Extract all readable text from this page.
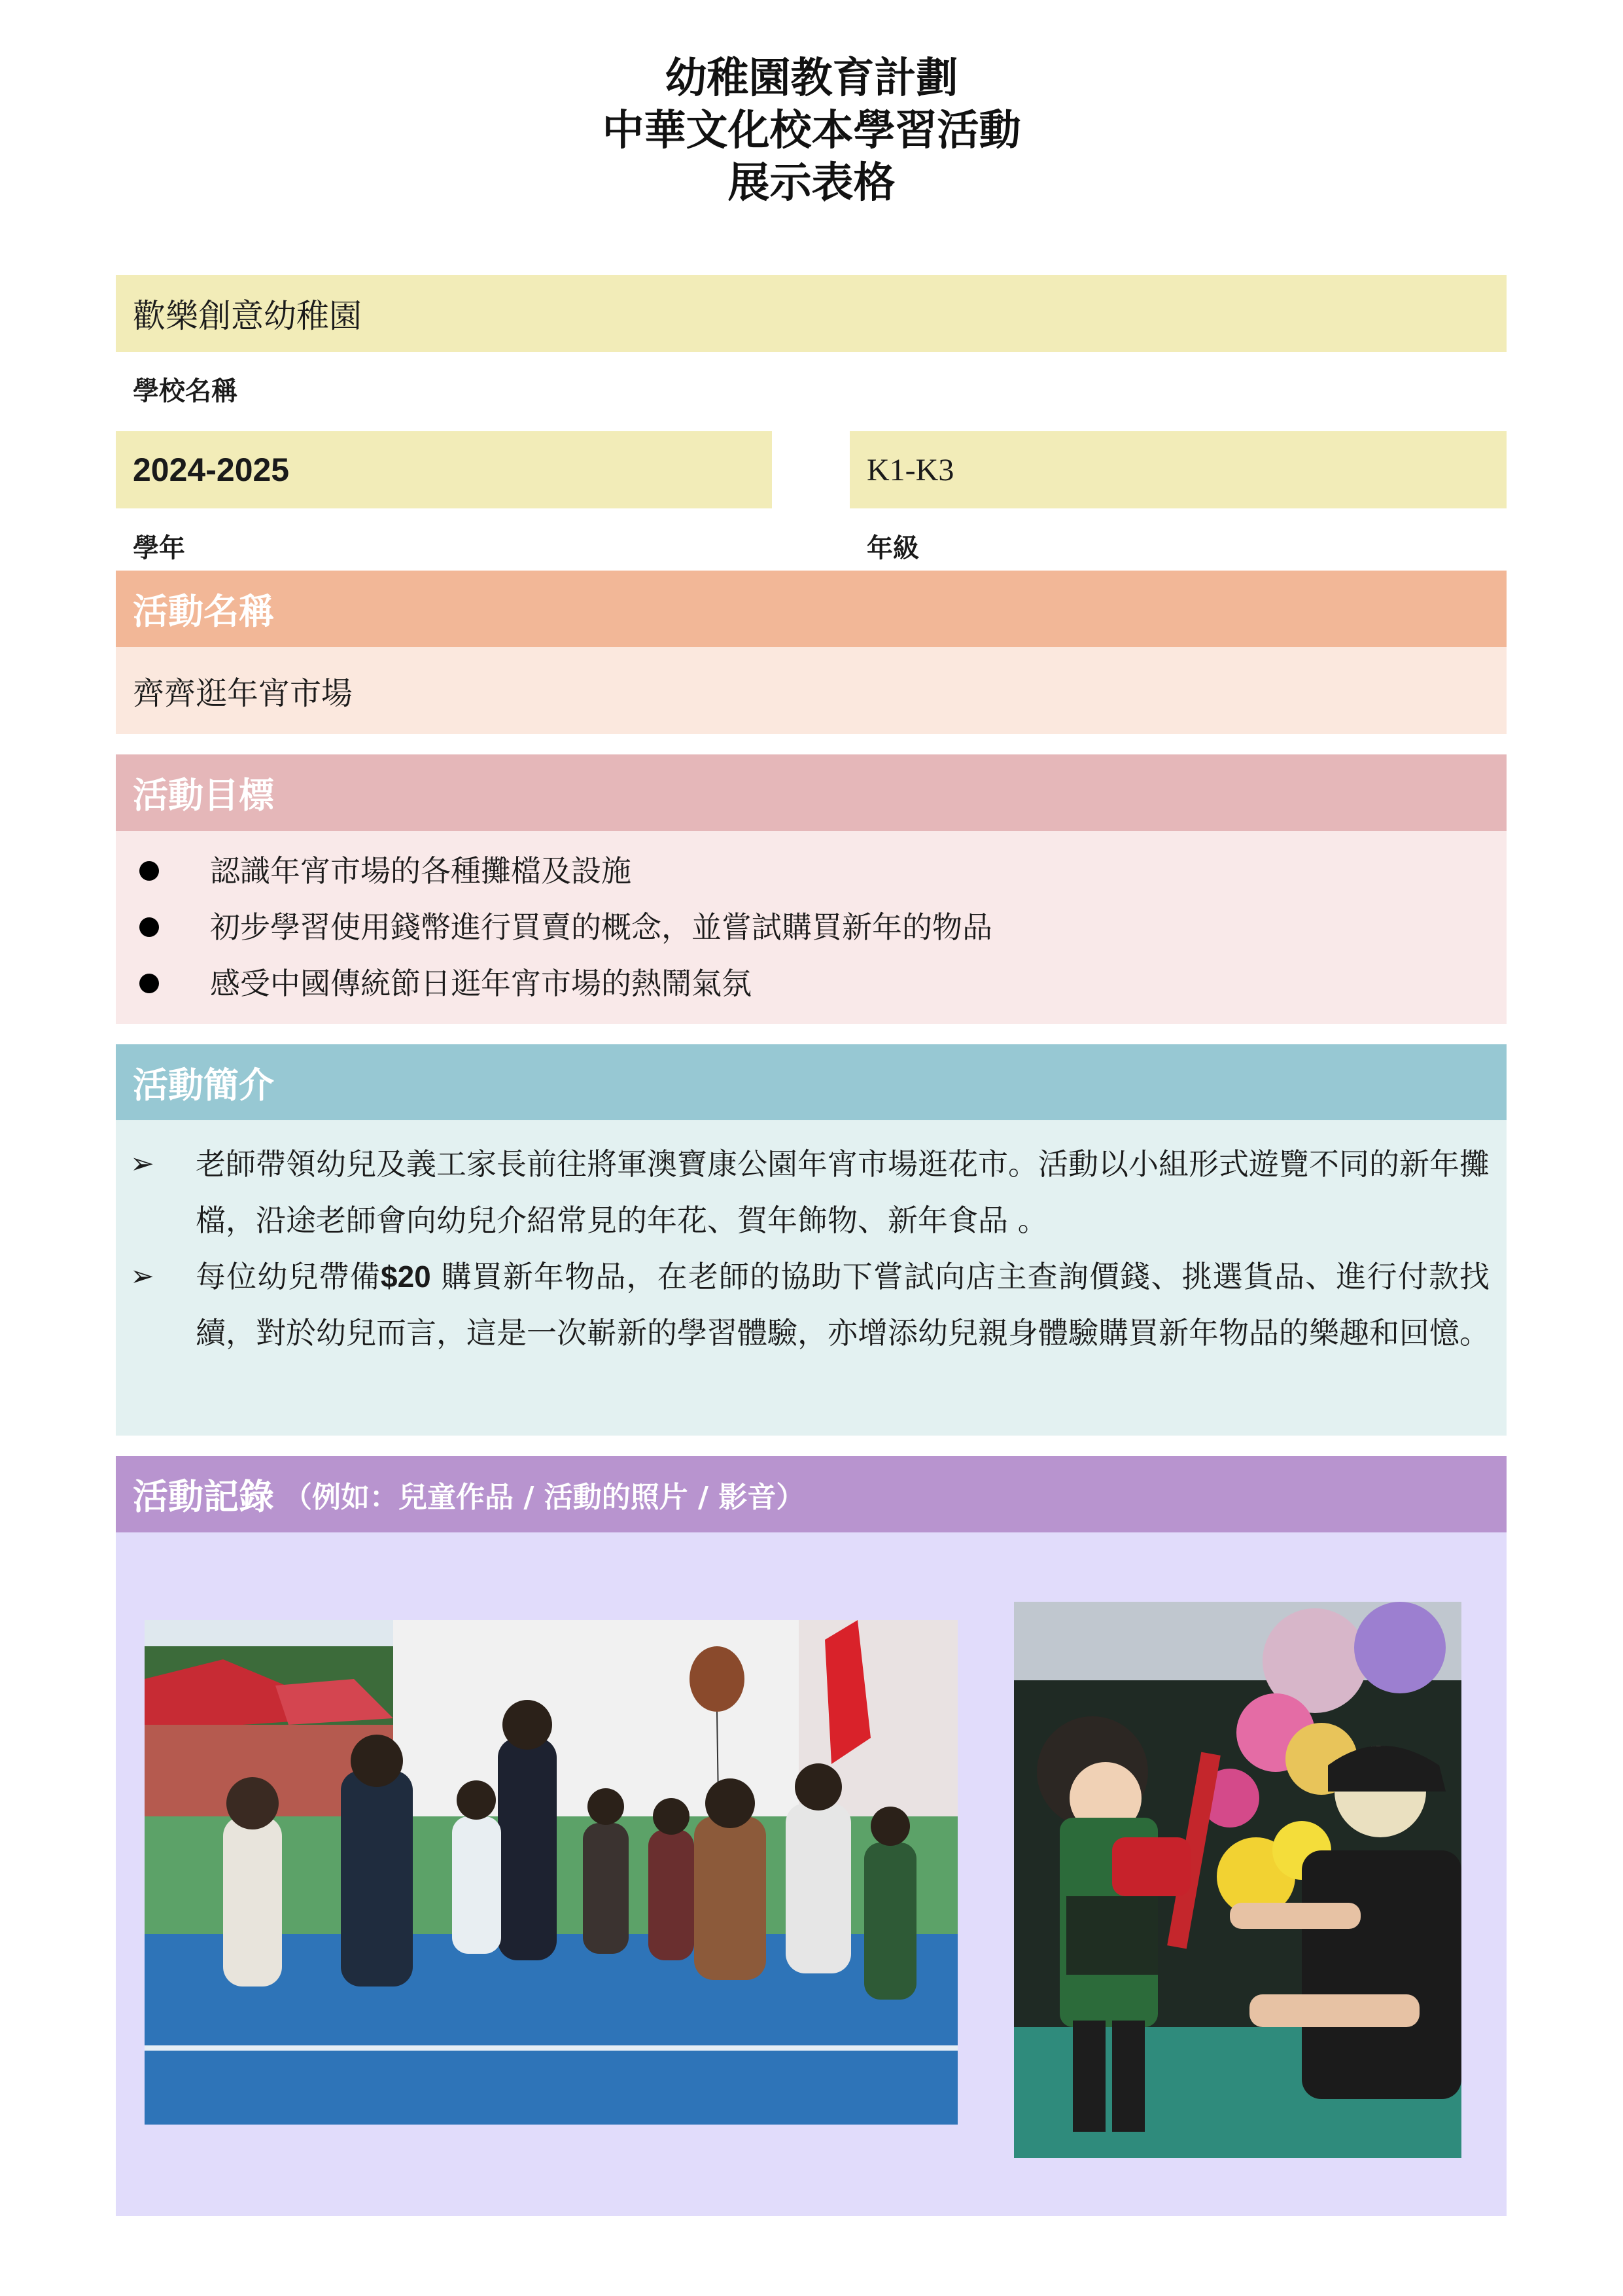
幼稚園教育計劃
中華文化校本學習活動
展示表格
歡樂創意幼稚園
學校名稱
2024-2025
學年
K1-K3
年級
活動名稱
齊齊逛年宵市場
活動目標
認識年宵市場的各種攤檔及設施
初步學習使用錢幣進行買賣的概念，並嘗試購買新年的物品
感受中國傳統節日逛年宵市場的熱鬧氣氛
活動簡介
➢	老師帶領幼兒及義工家長前往將軍澳寶康公園年宵市場逛花市。活動以小組形式遊覽不同的新年攤檔，沿途老師會向幼兒介紹常見的年花、賀年飾物、新年食品 。
➢	每位幼兒帶備$20 購買新年物品，在老師的協助下嘗試向店主查詢價錢、挑選貨品、進行付款找續，對於幼兒而言，這是一次嶄新的學習體驗，亦增添幼兒親身體驗購買新年物品的樂趣和回憶。
活動記錄 （例如：兒童作品 / 活動的照片 / 影音）
